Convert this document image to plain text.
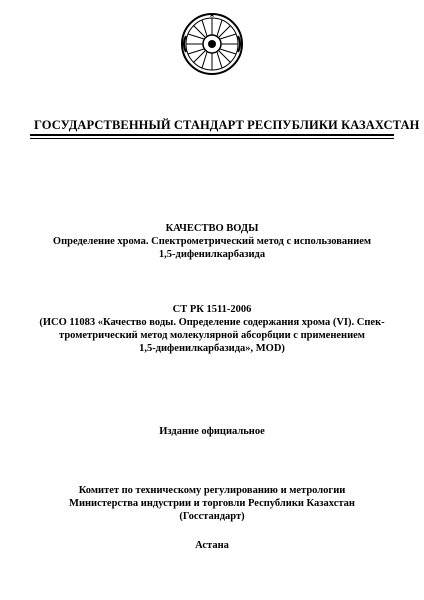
ГОСУДАРСТВЕННЫЙ СТАНДАРТ РЕСПУБЛИКИ КАЗАХСТАН
КАЧЕСТВО ВОДЫ
Определение хрома. Спектрометрический метод с использованием
1,5-дифенилкарбазида
СТ РК 1511-2006
(ИСО 11083 «Качество воды. Определение содержания хрома (VI). Спек-
трометрический метод молекулярной абсорбции с применением
1,5-дифенилкарбазида», MOD)
Издание официальное
Комитет по техническому регулированию и метрологии
Министерства индустрии и торговли Республики Казахстан
(Госстандарт)
Астана
